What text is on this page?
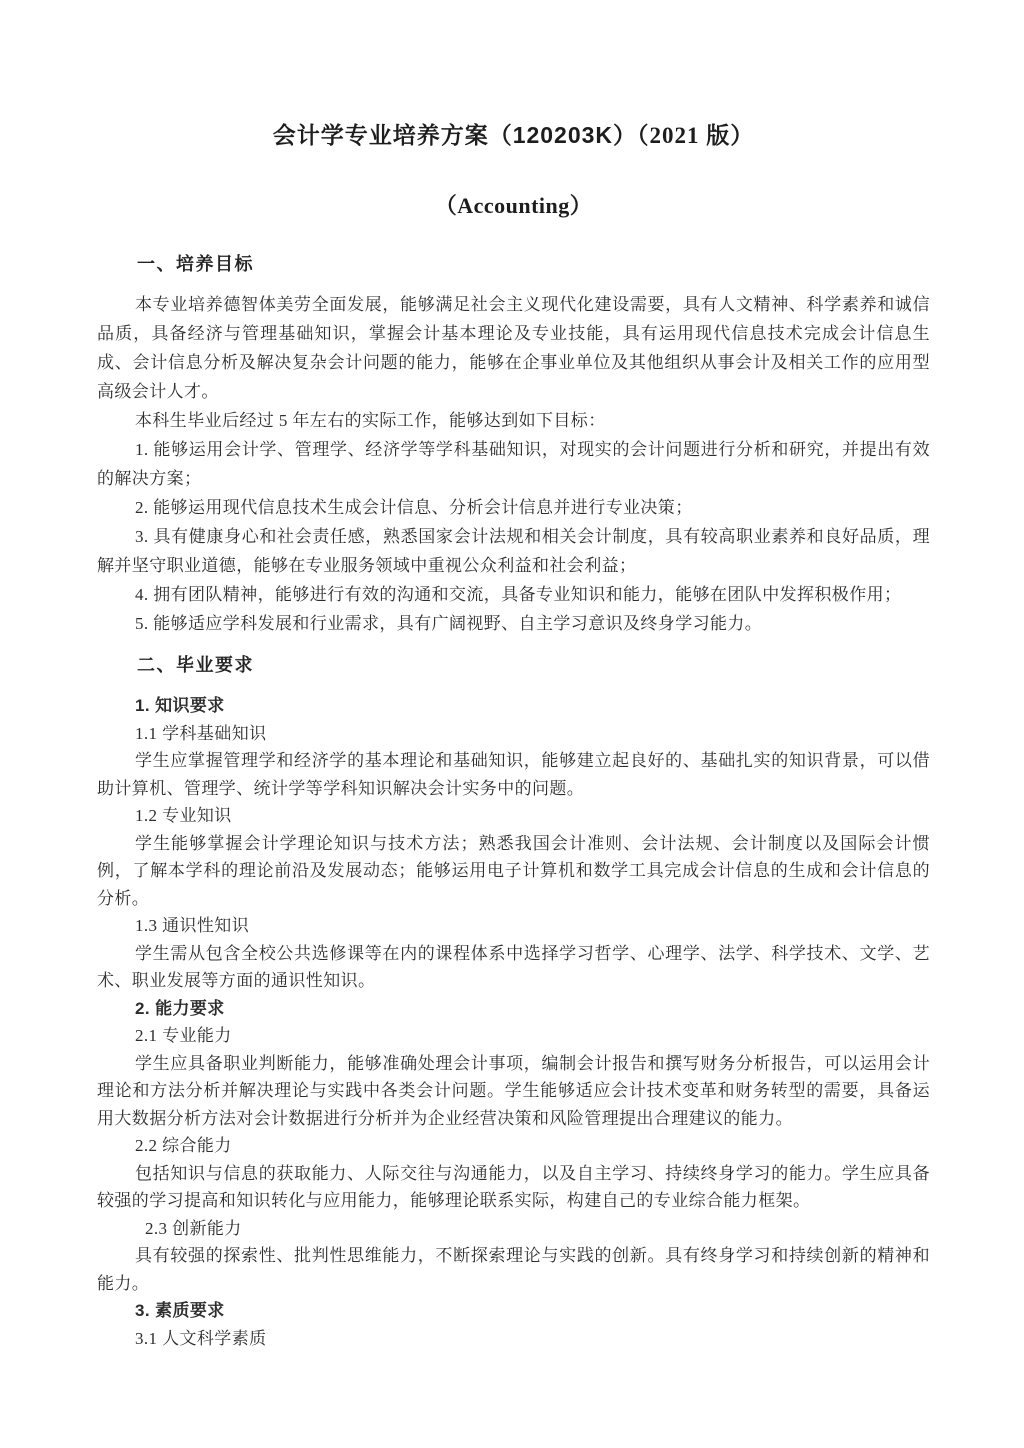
会计学专业培养方案（120203K）（2021 版）
（Accounting）
一、培养目标

本专业培养德智体美劳全面发展，能够满足社会主义现代化建设需要，具有人文精神、科学素养和诚信品质，具备经济与管理基础知识，掌握会计基本理论及专业技能，具有运用现代信息技术完成会计信息生成、会计信息分析及解决复杂会计问题的能力，能够在企事业单位及其他组织从事会计及相关工作的应用型高级会计人才。

本科生毕业后经过 5 年左右的实际工作，能够达到如下目标：

1. 能够运用会计学、管理学、经济学等学科基础知识，对现实的会计问题进行分析和研究，并提出有效的解决方案；

2. 能够运用现代信息技术生成会计信息、分析会计信息并进行专业决策；

3. 具有健康身心和社会责任感，熟悉国家会计法规和相关会计制度，具有较高职业素养和良好品质，理解并坚守职业道德，能够在专业服务领域中重视公众利益和社会利益；

4. 拥有团队精神，能够进行有效的沟通和交流，具备专业知识和能力，能够在团队中发挥积极作用；

5. 能够适应学科发展和行业需求，具有广阔视野、自主学习意识及终身学习能力。

二、毕业要求

1. 知识要求

1.1 学科基础知识

学生应掌握管理学和经济学的基本理论和基础知识，能够建立起良好的、基础扎实的知识背景，可以借助计算机、管理学、统计学等学科知识解决会计实务中的问题。

1.2 专业知识

学生能够掌握会计学理论知识与技术方法；熟悉我国会计准则、会计法规、会计制度以及国际会计惯例，了解本学科的理论前沿及发展动态；能够运用电子计算机和数学工具完成会计信息的生成和会计信息的分析。

1.3 通识性知识

学生需从包含全校公共选修课等在内的课程体系中选择学习哲学、心理学、法学、科学技术、文学、艺术、职业发展等方面的通识性知识。

2. 能力要求

2.1 专业能力

学生应具备职业判断能力，能够准确处理会计事项，编制会计报告和撰写财务分析报告，可以运用会计理论和方法分析并解决理论与实践中各类会计问题。学生能够适应会计技术变革和财务转型的需要，具备运用大数据分析方法对会计数据进行分析并为企业经营决策和风险管理提出合理建议的能力。

2.2 综合能力

包括知识与信息的获取能力、人际交往与沟通能力，以及自主学习、持续终身学习的能力。学生应具备较强的学习提高和知识转化与应用能力，能够理论联系实际，构建自己的专业综合能力框架。

2.3 创新能力

具有较强的探索性、批判性思维能力，不断探索理论与实践的创新。具有终身学习和持续创新的精神和能力。

3. 素质要求

3.1 人文科学素质
